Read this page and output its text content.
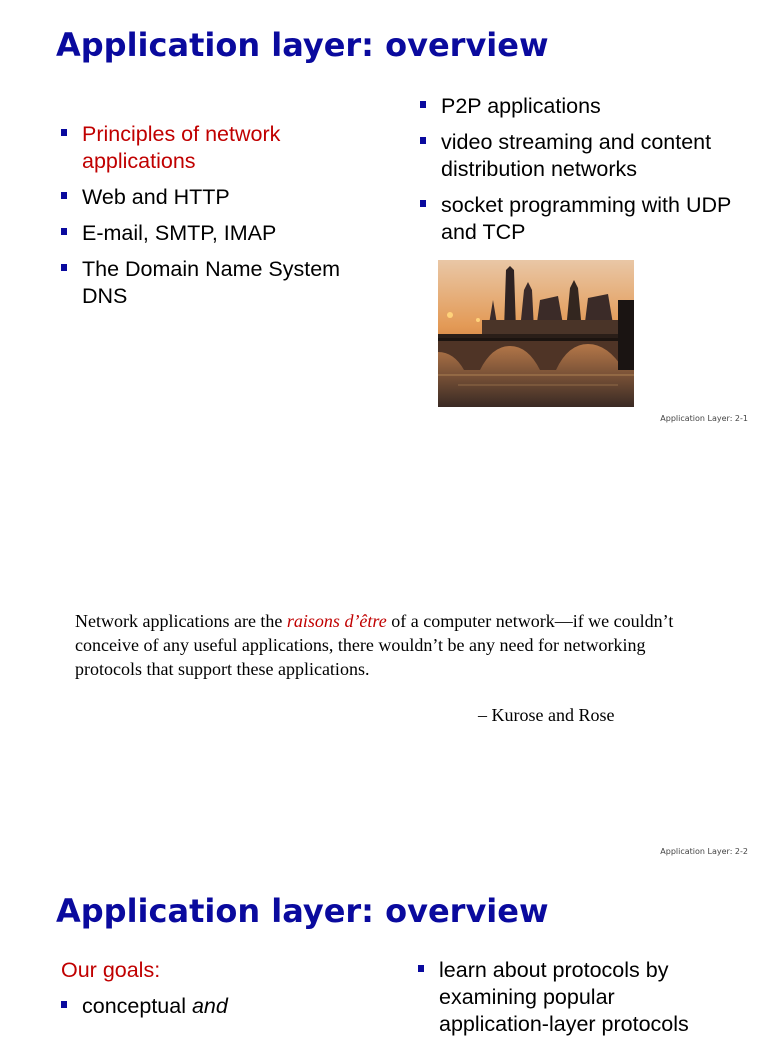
Application layer: overview
Principles of network applications
Web and HTTP
E-mail, SMTP, IMAP
The Domain Name System DNS
P2P applications
video streaming and content distribution networks
socket programming with UDP and TCP
Application Layer: 2-1

Network applications are the raisons d’être of a computer network—if we couldn’t conceive of any useful applications, there wouldn’t be any need for networking protocols that support these applications.

– Kurose and Rose
Application Layer: 2-2
Application layer: overview
Our goals:
conceptual and
learn about protocols by examining popular application-layer protocols
